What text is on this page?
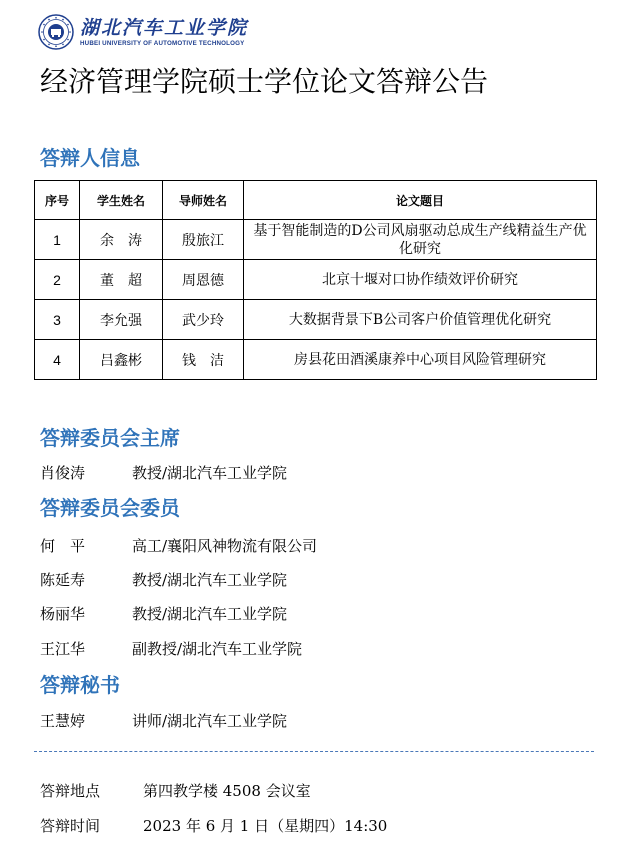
湖北汽车工业学院
HUBEI UNIVERSITY OF AUTOMOTIVE TECHNOLOGY
经济管理学院硕士学位论文答辩公告
答辩人信息
序号	学生姓名	导师姓名	论文题目
1	余　涛	殷旅江	基于智能制造的D公司风扇驱动总成生产线精益生产优化研究
2	董　超	周恩德	北京十堰对口协作绩效评价研究
3	李允强	武少玲	大数据背景下B公司客户价值管理优化研究
4	吕鑫彬	钱　洁	房县花田酒溪康养中心项目风险管理研究
答辩委员会主席
肖俊涛	教授/湖北汽车工业学院
答辩委员会委员
何　平	高工/襄阳风神物流有限公司
陈延寿	教授/湖北汽车工业学院
杨丽华	教授/湖北汽车工业学院
王江华	副教授/湖北汽车工业学院
答辩秘书
王慧婷	讲师/湖北汽车工业学院
答辩地点	第四教学楼 4508 会议室
答辩时间	2023 年 6 月 1 日（星期四）14:30
